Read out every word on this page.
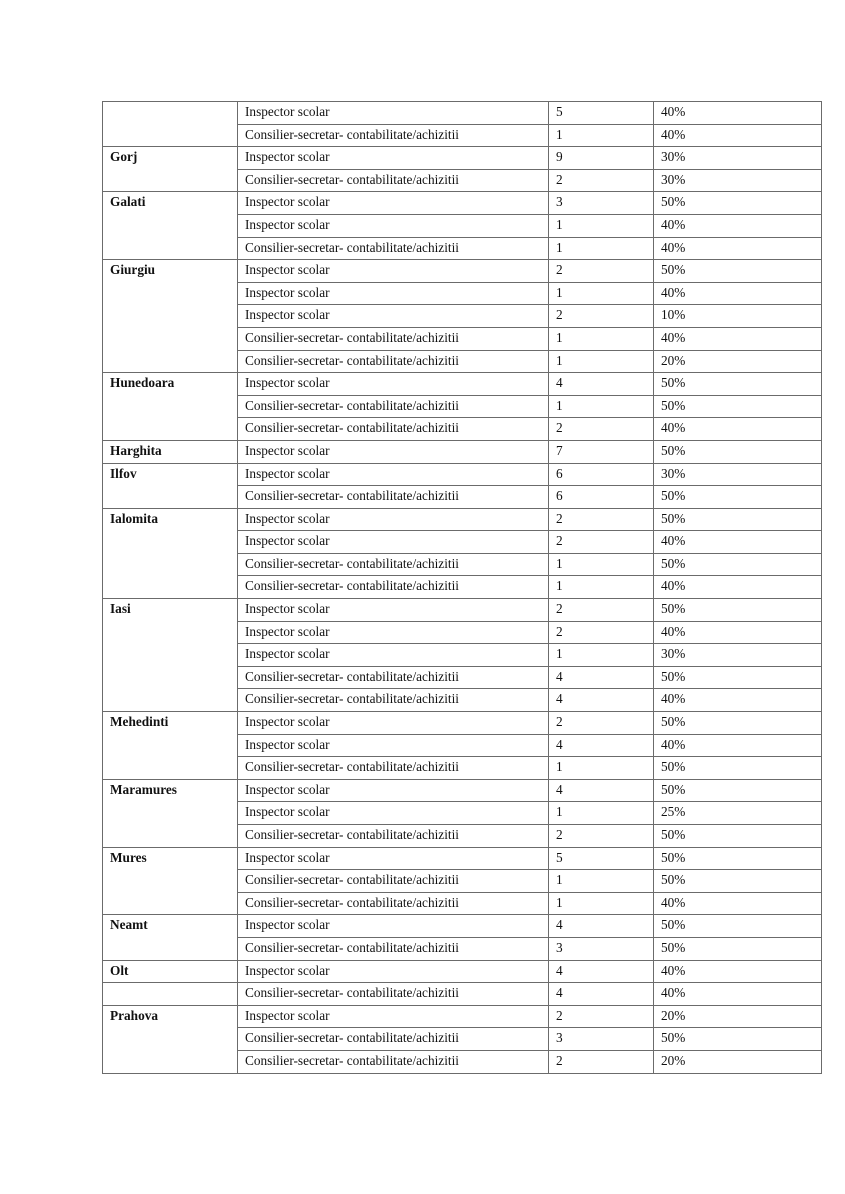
	Inspector scolar	5	40%
	Consilier-secretar- contabilitate/achizitii	1	40%
Gorj	Inspector scolar	9	30%
	Consilier-secretar- contabilitate/achizitii	2	30%
Galati	Inspector scolar	3	50%
	Inspector scolar	1	40%
	Consilier-secretar- contabilitate/achizitii	1	40%
Giurgiu	Inspector scolar	2	50%
	Inspector scolar	1	40%
	Inspector scolar	2	10%
	Consilier-secretar- contabilitate/achizitii	1	40%
	Consilier-secretar- contabilitate/achizitii	1	20%
Hunedoara	Inspector scolar	4	50%
	Consilier-secretar- contabilitate/achizitii	1	50%
	Consilier-secretar- contabilitate/achizitii	2	40%
Harghita	Inspector scolar	7	50%
Ilfov	Inspector scolar	6	30%
	Consilier-secretar- contabilitate/achizitii	6	50%
Ialomita	Inspector scolar	2	50%
	Inspector scolar	2	40%
	Consilier-secretar- contabilitate/achizitii	1	50%
	Consilier-secretar- contabilitate/achizitii	1	40%
Iasi	Inspector scolar	2	50%
	Inspector scolar	2	40%
	Inspector scolar	1	30%
	Consilier-secretar- contabilitate/achizitii	4	50%
	Consilier-secretar- contabilitate/achizitii	4	40%
Mehedinti	Inspector scolar	2	50%
	Inspector scolar	4	40%
	Consilier-secretar- contabilitate/achizitii	1	50%
Maramures	Inspector scolar	4	50%
	Inspector scolar	1	25%
	Consilier-secretar- contabilitate/achizitii	2	50%
Mures	Inspector scolar	5	50%
	Consilier-secretar- contabilitate/achizitii	1	50%
	Consilier-secretar- contabilitate/achizitii	1	40%
Neamt	Inspector scolar	4	50%
	Consilier-secretar- contabilitate/achizitii	3	50%
Olt	Inspector scolar	4	40%
	Consilier-secretar- contabilitate/achizitii	4	40%
Prahova	Inspector scolar	2	20%
	Consilier-secretar- contabilitate/achizitii	3	50%
	Consilier-secretar- contabilitate/achizitii	2	20%
